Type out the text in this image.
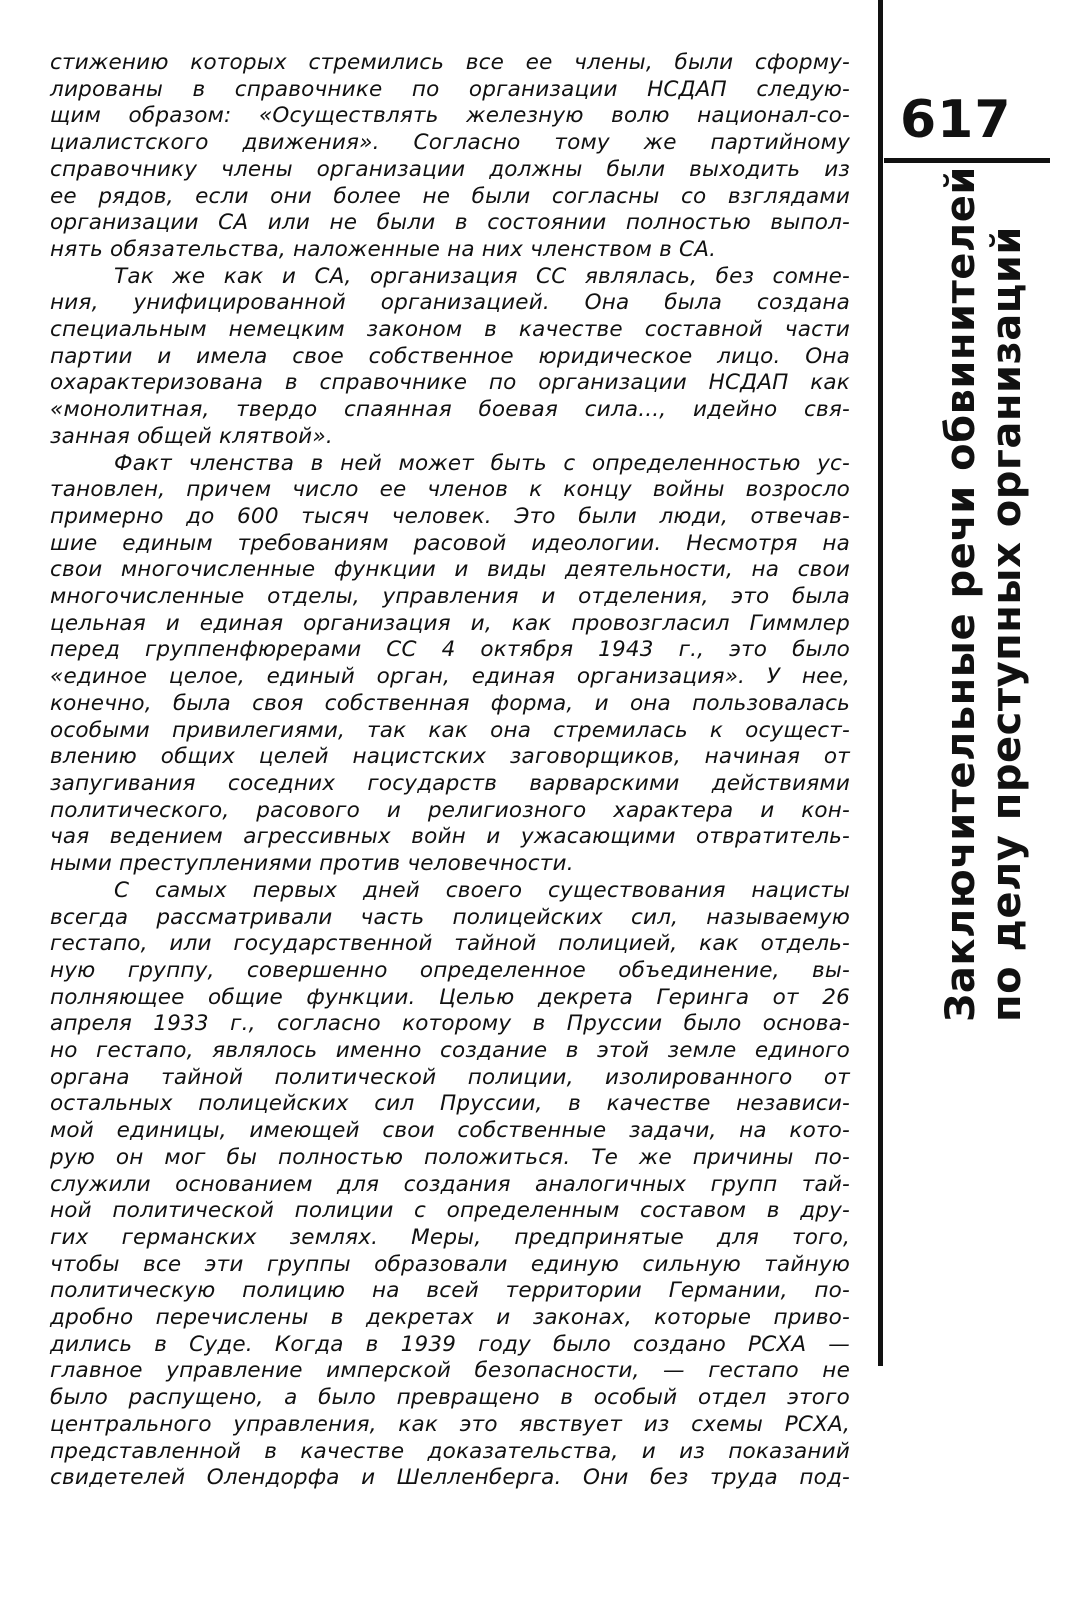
стижению которых стремились все ее члены, были сформу-
лированы в справочнике по организации НСДАП следую-
щим образом: «Осуществлять железную волю национал-со-
циалистского движения». Согласно тому же партийному
справочнику члены организации должны были выходить из
ее рядов, если они более не были согласны со взглядами
организации СА или не были в состоянии полностью выпол-
нять обязательства, наложенные на них членством в СА.
Так же как и СА, организация СС являлась, без сомне-
ния, унифицированной организацией. Она была создана
специальным немецким законом в качестве составной части
партии и имела свое собственное юридическое лицо. Она
охарактеризована в справочнике по организации НСДАП как
«монолитная, твердо спаянная боевая сила..., идейно свя-
занная общей клятвой».
Факт членства в ней может быть с определенностью ус-
тановлен, причем число ее членов к концу войны возросло
примерно до 600 тысяч человек. Это были люди, отвечав-
шие единым требованиям расовой идеологии. Несмотря на
свои многочисленные функции и виды деятельности, на свои
многочисленные отделы, управления и отделения, это была
цельная и единая организация и, как провозгласил Гиммлер
перед группенфюрерами СС 4 октября 1943 г., это было
«единое целое, единый орган, единая организация». У нее,
конечно, была своя собственная форма, и она пользовалась
особыми привилегиями, так как она стремилась к осущест-
влению общих целей нацистских заговорщиков, начиная от
запугивания соседних государств варварскими действиями
политического, расового и религиозного характера и кон-
чая ведением агрессивных войн и ужасающими отвратитель-
ными преступлениями против человечности.
С самых первых дней своего существования нацисты
всегда рассматривали часть полицейских сил, называемую
гестапо, или государственной тайной полицией, как отдель-
ную группу, совершенно определенное объединение, вы-
полняющее общие функции. Целью декрета Геринга от 26
апреля 1933 г., согласно которому в Пруссии было основа-
но гестапо, являлось именно создание в этой земле единого
органа тайной политической полиции, изолированного от
остальных полицейских сил Пруссии, в качестве независи-
мой единицы, имеющей свои собственные задачи, на кото-
рую он мог бы полностью положиться. Те же причины по-
служили основанием для создания аналогичных групп тай-
ной политической полиции с определенным составом в дру-
гих германских землях. Меры, предпринятые для того,
чтобы все эти группы образовали единую сильную тайную
политическую полицию на всей территории Германии, по-
дробно перечислены в декретах и законах, которые приво-
дились в Суде. Когда в 1939 году было создано РСХА —
главное управление имперской безопасности, — гестапо не
было распущено, а было превращено в особый отдел этого
центрального управления, как это явствует из схемы РСХА,
представленной в качестве доказательства, и из показаний
свидетелей Олендорфа и Шелленберга. Они без труда под-
617
Заключительные речи обвинителей по делу преступных организаций
